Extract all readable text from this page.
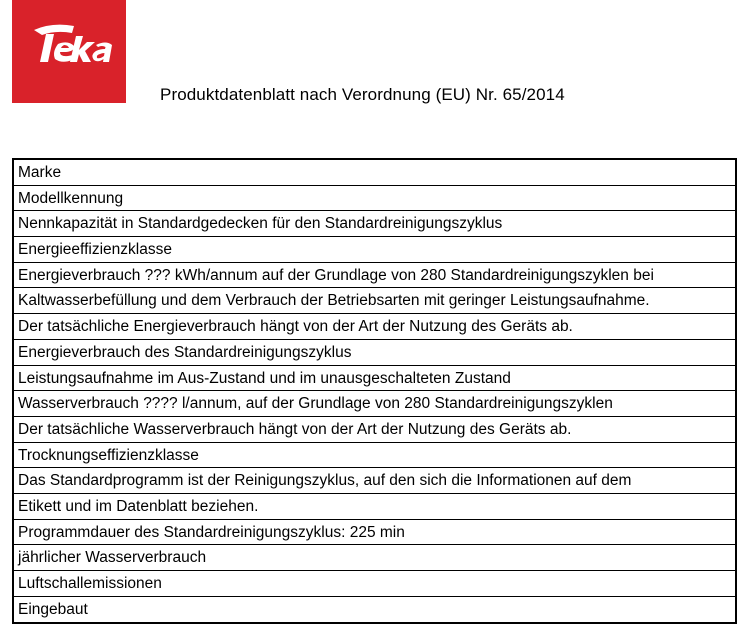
Produktdatenblatt nach Verordnung (EU) Nr. 65/2014
Marke
Modellkennung
Nennkapazität in Standardgedecken für den Standardreinigungszyklus
Energieeffizienzklasse
Energieverbrauch ??? kWh/annum auf der Grundlage von 280 Standardreinigungszyklen bei
Kaltwasserbefüllung und dem Verbrauch der Betriebsarten mit geringer Leistungsaufnahme.
Der tatsächliche Energieverbrauch hängt von der Art der Nutzung des Geräts ab.
Energieverbrauch des Standardreinigungszyklus
Leistungsaufnahme im Aus-Zustand und im unausgeschalteten Zustand
Wasserverbrauch ???? l/annum, auf der Grundlage von 280 Standardreinigungszyklen
Der tatsächliche Wasserverbrauch hängt von der Art der Nutzung des Geräts ab.
Trocknungseffizienzklasse
Das Standardprogramm ist der Reinigungszyklus, auf den sich die Informationen auf dem
Etikett und im Datenblatt beziehen.
Programmdauer des Standardreinigungszyklus: 225 min
jährlicher Wasserverbrauch
Luftschallemissionen
Eingebaut
